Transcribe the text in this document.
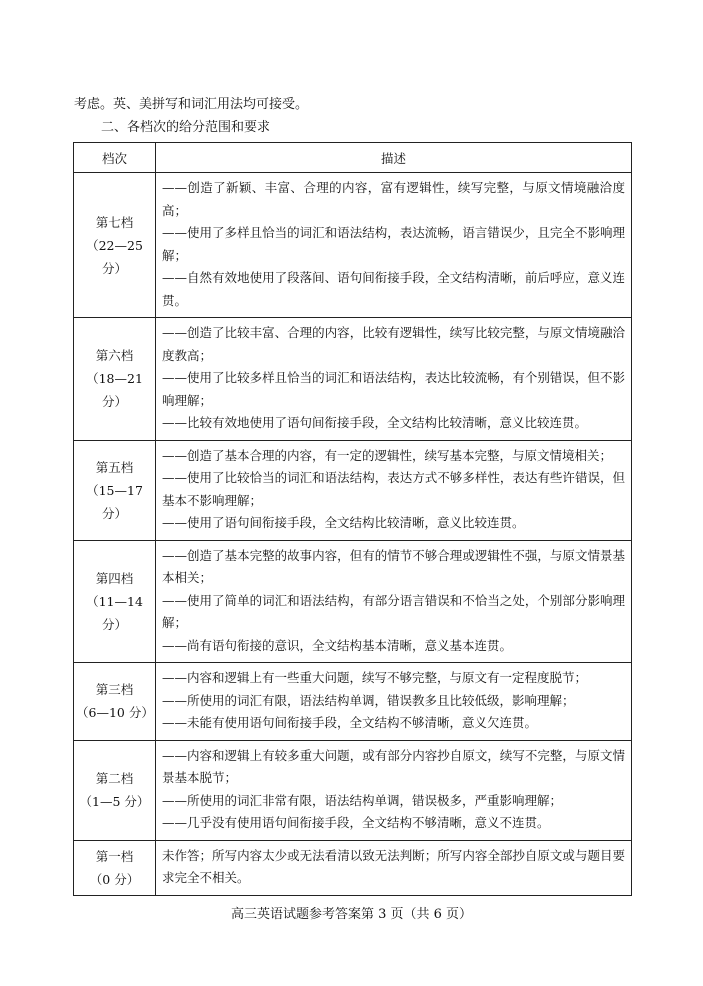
考虑。英、美拼写和词汇用法均可接受。
二、各档次的给分范围和要求
档次	描述

第七档
（22—25 分）	——创造了新颖、丰富、合理的内容，富有逻辑性，续写完整，与原文情境融洽度高；
——使用了多样且恰当的词汇和语法结构，表达流畅，语言错误少，且完全不影响理解；
——自然有效地使用了段落间、语句间衔接手段，全文结构清晰，前后呼应，意义连贯。

第六档
（18—21 分）	——创造了比较丰富、合理的内容，比较有逻辑性，续写比较完整，与原文情境融洽度教高；
——使用了比较多样且恰当的词汇和语法结构，表达比较流畅，有个别错误，但不影响理解；
——比较有效地使用了语句间衔接手段，全文结构比较清晰，意义比较连贯。

第五档
（15—17 分）	——创造了基本合理的内容，有一定的逻辑性，续写基本完整，与原文情境相关；
——使用了比较恰当的词汇和语法结构，表达方式不够多样性，表达有些许错误，但基本不影响理解；
——使用了语句间衔接手段，全文结构比较清晰，意义比较连贯。

第四档
（11—14 分）	——创造了基本完整的故事内容，但有的情节不够合理或逻辑性不强，与原文情景基本相关；
——使用了简单的词汇和语法结构，有部分语言错误和不恰当之处，个别部分影响理解；
——尚有语句衔接的意识，全文结构基本清晰，意义基本连贯。

第三档
（6—10 分）	——内容和逻辑上有一些重大问题，续写不够完整，与原文有一定程度脱节；
——所使用的词汇有限，语法结构单调，错误教多且比较低级，影响理解；
——未能有使用语句间衔接手段，全文结构不够清晰，意义欠连贯。

第二档
（1—5 分）	——内容和逻辑上有较多重大问题，或有部分内容抄自原文，续写不完整，与原文情景基本脱节；
——所使用的词汇非常有限，语法结构单调，错误极多，严重影响理解；
——几乎没有使用语句间衔接手段，全文结构不够清晰，意义不连贯。

第一档
（0 分）	未作答；所写内容太少或无法看清以致无法判断；所写内容全部抄自原文或与题目要求完全不相关。
高三英语试题参考答案第 3 页（共 6 页）
